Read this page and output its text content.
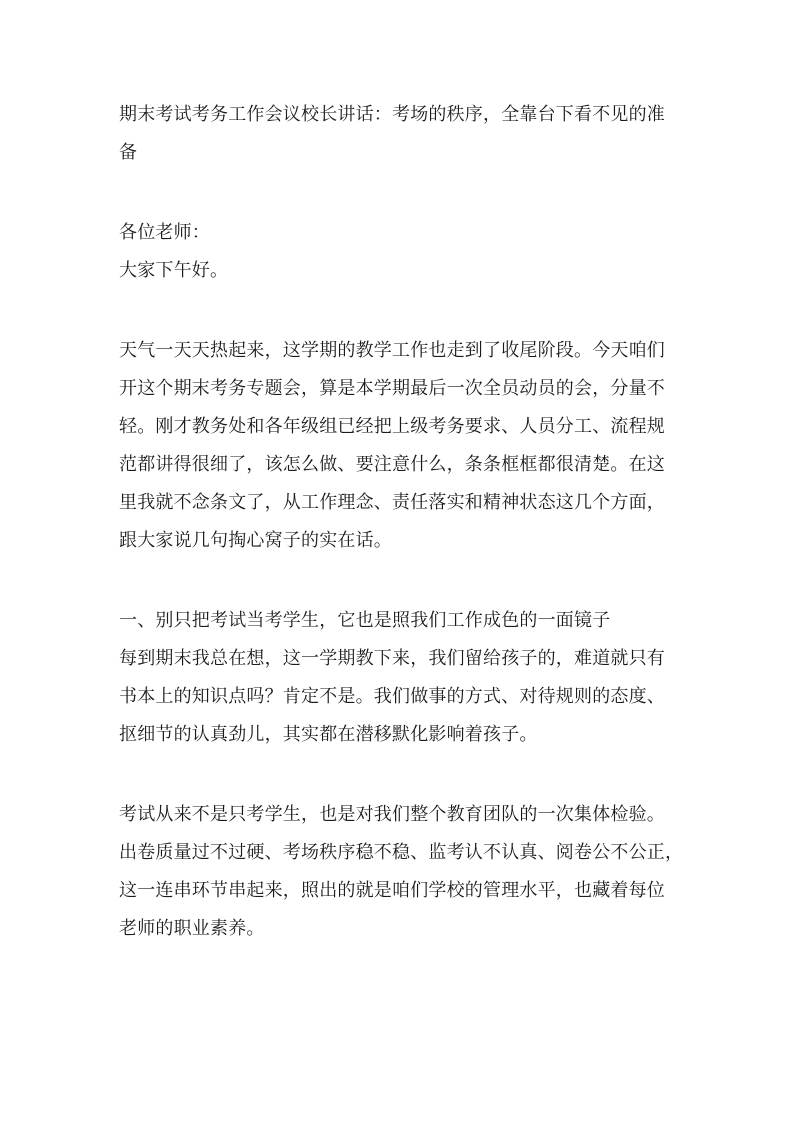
期末考试考务工作会议校长讲话：考场的秩序，全靠台下看不见的准
备
各位老师：
大家下午好。
天气一天天热起来，这学期的教学工作也走到了收尾阶段。今天咱们
开这个期末考务专题会，算是本学期最后一次全员动员的会，分量不
轻。刚才教务处和各年级组已经把上级考务要求、人员分工、流程规
范都讲得很细了，该怎么做、要注意什么，条条框框都很清楚。在这
里我就不念条文了，从工作理念、责任落实和精神状态这几个方面，
跟大家说几句掏心窝子的实在话。
一、别只把考试当考学生，它也是照我们工作成色的一面镜子
每到期末我总在想，这一学期教下来，我们留给孩子的，难道就只有
书本上的知识点吗？肯定不是。我们做事的方式、对待规则的态度、
抠细节的认真劲儿，其实都在潜移默化影响着孩子。
考试从来不是只考学生，也是对我们整个教育团队的一次集体检验。
出卷质量过不过硬、考场秩序稳不稳、监考认不认真、阅卷公不公正，
这一连串环节串起来，照出的就是咱们学校的管理水平，也藏着每位
老师的职业素养。
